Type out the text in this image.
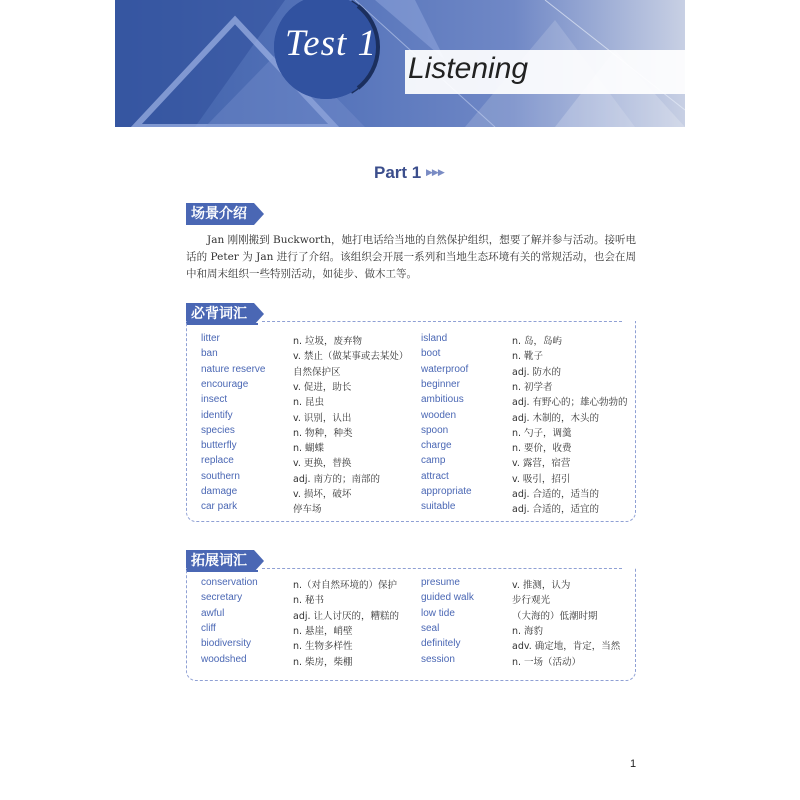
Test 1
Listening
Part 1 ▶▶▶
场景介绍
Jan 刚刚搬到 Buckworth，她打电话给当地的自然保护组织，想要了解并参与活动。接听电话的 Peter 为 Jan 进行了介绍。该组织会开展一系列和当地生态环境有关的常规活动，也会在周中和周末组织一些特别活动，如徒步、做木工等。
必背词汇
litter	n. 垃圾，废弃物
ban	v. 禁止（做某事或去某处）
nature reserve	自然保护区
encourage	v. 促进，助长
insect	n. 昆虫
identify	v. 识别，认出
species	n. 物种，种类
butterfly	n. 蝴蝶
replace	v. 更换，替换
southern	adj. 南方的；南部的
damage	v. 损坏，破坏
car park	停车场
island	n. 岛，岛屿
boot	n. 靴子
waterproof	adj. 防水的
beginner	n. 初学者
ambitious	adj. 有野心的；雄心勃勃的
wooden	adj. 木制的，木头的
spoon	n. 勺子，调羹
charge	n. 要价，收费
camp	v. 露营，宿营
attract	v. 吸引，招引
appropriate	adj. 合适的，适当的
suitable	adj. 合适的，适宜的
拓展词汇
conservation	n.（对自然环境的）保护
secretary	n. 秘书
awful	adj. 让人讨厌的，糟糕的
cliff	n. 悬崖，峭壁
biodiversity	n. 生物多样性
woodshed	n. 柴房，柴棚
presume	v. 推测，认为
guided walk	步行观光
low tide	（大海的）低潮时期
seal	n. 海豹
definitely	adv. 确定地，肯定，当然
session	n. 一场（活动）
1
